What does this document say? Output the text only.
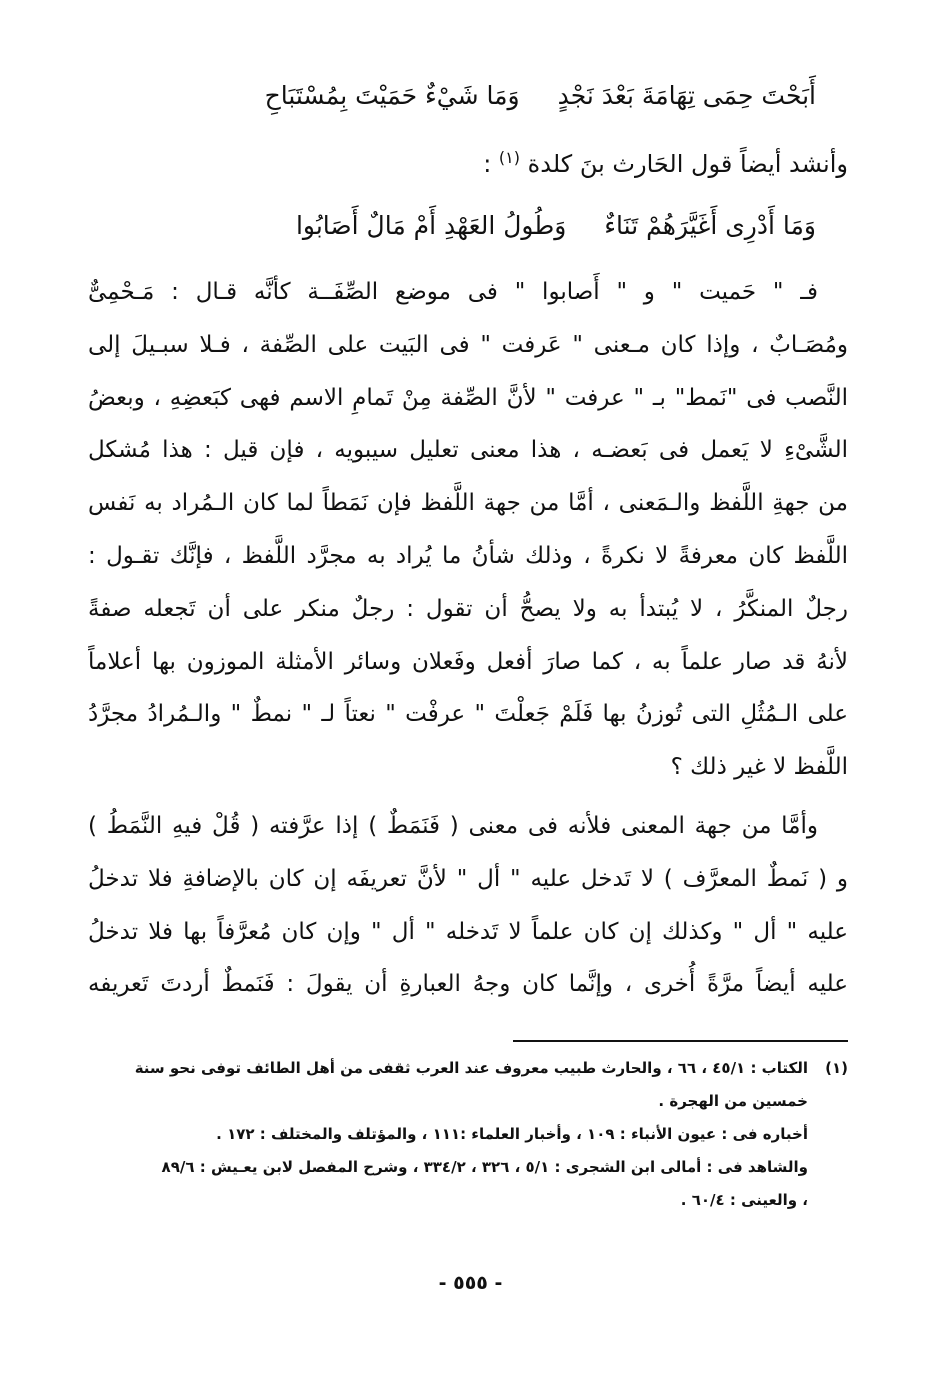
أَبَحْتَ حِمَى تِهَامَةَ بَعْدَ نَجْدٍوَمَا شَيْءٌ حَمَيْتَ بِمُسْتَبَاحِ
وأنشد أيضاً قول الحَارث بنَ كلدة $^{(١)}$ :
وَمَا أَدْرِى أَغَيَّرَهُمْ تَنَاءٌوَطُولُ العَهْدِ أَمْ مَالٌ أَصَابُوا
فـ " حَميت " و " أَصابوا " فى موضع الصِّفَــة كأنَّه قـال : مَـحْمِىٌّ
ومُصَـابٌ ، وإذا كان مـعنى " عَرفت " فى البَيت على الصِّفة ، فـلا سبـيلَ إلى
النَّصب فى "نَمط" بـ " عرفت " لأنَّ الصِّفة مِنْ تَمامِ الاسم فهى كبَعضِهِ ، وبعضُ
الشَّىْءِ لا يَعمل فى بَعضـه ، هذا معنى تعليل سيبويه ، فإن قيل : هذا مُشكل
من جهةِ اللَّفظ والـمَعنى ، أمَّا من جهة اللَّفظ فإن نَمَطاً لما كان الـمُراد به نَفس
اللَّفظ كان معرفةً لا نكرةً ، وذلك شأنُ ما يُراد به مجرَّد اللَّفظ ، فإنَّك تقـول :
رجلٌ المنكَّرُ ، لا يُبتدأ به ولا يصحُّ أن تقول : رجلٌ منكر على أن تَجعله صفةً
لأنهُ قد صار علماً به ، كما صارَ أفعل وفَعلان وسائر الأمثلة الموزون بها أعلاماً
على الـمُثُلِ التى تُوزنُ بها فَلَمْ جَعلْتَ " عرفْت " نعتاً لـ " نمطٌ " والـمُرادُ مجرَّدُ
اللَّفظ لا غير ذلك ؟
وأمَّا من جهة المعنى فلأنه فى معنى ( فَنَمَطٌ ) إذا عرَّفته ( قُلْ فيهِ النَّمَطُ )
و ( نَمطٌ المعرَّف ) لا تَدخل عليه " أل " لأنَّ تعريفَه إن كان بالإضافةِ فلا تدخلُ
عليه " أل " وكذلك إن كان علماً لا تَدخله " أل " وإن كان مُعرَّفاً بها فلا تدخلُ
عليه أيضاً مرَّةً أُخرى ، وإنَّما كان وجهُ العبارةِ أن يقولَ : فَنَمطٌ أردتَ تَعريفه
(١)
الكتاب : ٤٥/١ ، ٦٦ ، والحارث طبيب معروف عند العرب ثقفى من أهل الطائف توفى نحو سنة
خمسين من الهجرة .
أخباره فى : عيون الأنباء : ١٠٩ ، وأخبار العلماء :١١١ ، والمؤتلف والمختلف : ١٧٢ .
والشاهد فى : أمالى ابن الشجرى : ٥/١ ، ٣٢٦ ، ٣٣٤/٢ ، وشرح المفصل لابن يعـيش : ٨٩/٦
، والعينى : ٦٠/٤ .
- ٥٥٥ -
